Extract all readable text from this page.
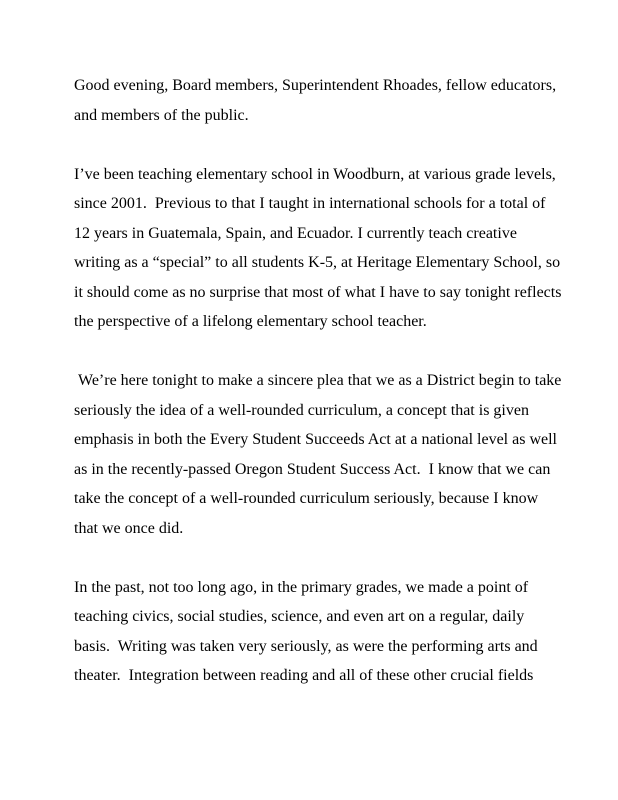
Good evening, Board members, Superintendent Rhoades, fellow educators, and members of the public.

I’ve been teaching elementary school in Woodburn, at various grade levels, since 2001.  Previous to that I taught in international schools for a total of 12 years in Guatemala, Spain, and Ecuador. I currently teach creative writing as a “special” to all students K-5, at Heritage Elementary School, so it should come as no surprise that most of what I have to say tonight reflects the perspective of a lifelong elementary school teacher.

We’re here tonight to make a sincere plea that we as a District begin to take seriously the idea of a well-rounded curriculum, a concept that is given emphasis in both the Every Student Succeeds Act at a national level as well as in the recently-passed Oregon Student Success Act.  I know that we can take the concept of a well-rounded curriculum seriously, because I know that we once did.

In the past, not too long ago, in the primary grades, we made a point of teaching civics, social studies, science, and even art on a regular, daily basis.  Writing was taken very seriously, as were the performing arts and theater.  Integration between reading and all of these other crucial fields
